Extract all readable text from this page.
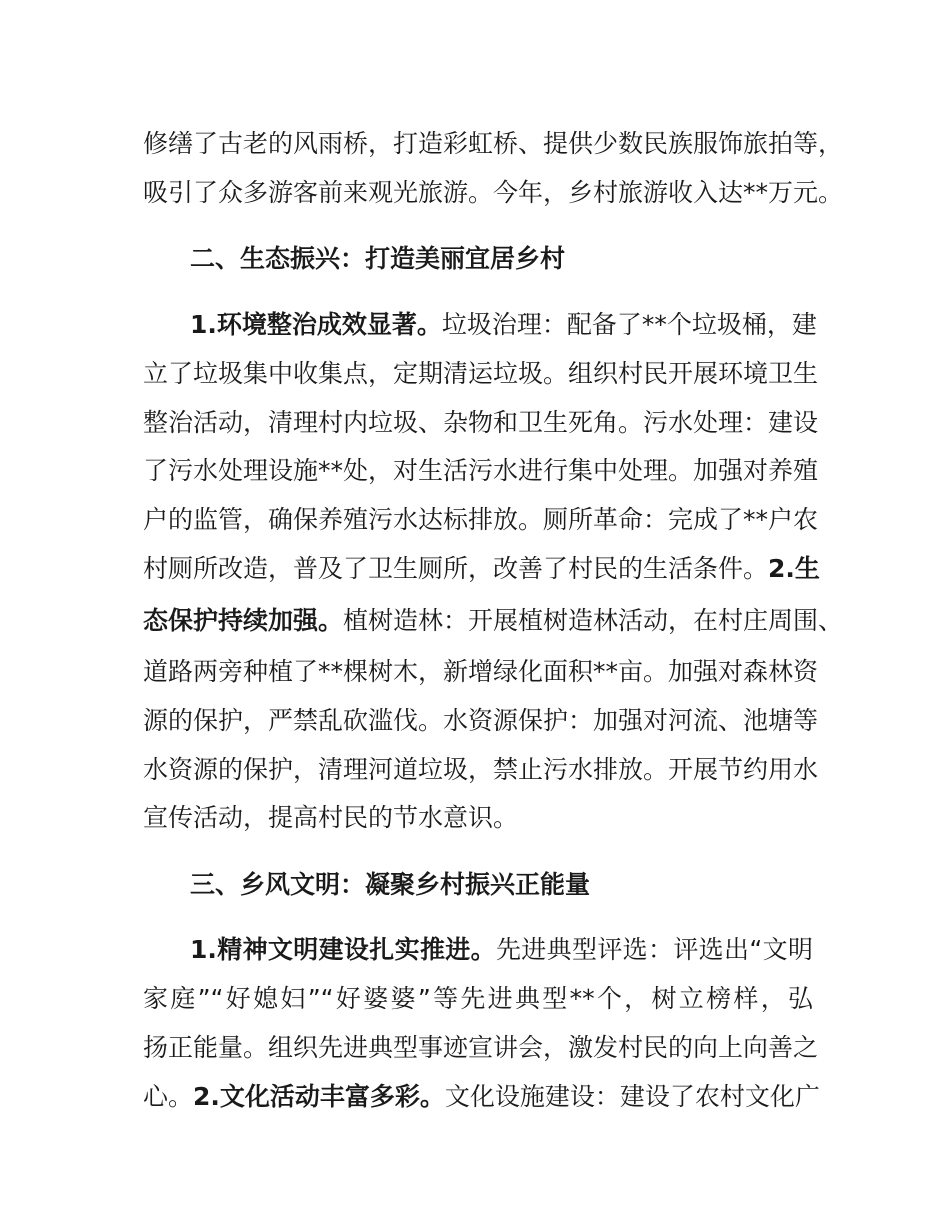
修缮了古老的风雨桥，打造彩虹桥、提供少数民族服饰旅拍等，
吸引了众多游客前来观光旅游。今年，乡村旅游收入达**万元。
二、生态振兴：打造美丽宜居乡村
1.环境整治成效显著。垃圾治理：配备了**个垃圾桶，建
立了垃圾集中收集点，定期清运垃圾。组织村民开展环境卫生
整治活动，清理村内垃圾、杂物和卫生死角。污水处理：建设
了污水处理设施**处，对生活污水进行集中处理。加强对养殖
户的监管，确保养殖污水达标排放。厕所革命：完成了**户农
村厕所改造，普及了卫生厕所，改善了村民的生活条件。2.生
态保护持续加强。植树造林：开展植树造林活动，在村庄周围、
道路两旁种植了**棵树木，新增绿化面积**亩。加强对森林资
源的保护，严禁乱砍滥伐。水资源保护：加强对河流、池塘等
水资源的保护，清理河道垃圾，禁止污水排放。开展节约用水
宣传活动，提高村民的节水意识。
三、乡风文明：凝聚乡村振兴正能量
1.精神文明建设扎实推进。先进典型评选：评选出“文明
家庭”“好媳妇”“好婆婆”等先进典型**个，树立榜样，弘
扬正能量。组织先进典型事迹宣讲会，激发村民的向上向善之
心。2.文化活动丰富多彩。文化设施建设：建设了农村文化广
